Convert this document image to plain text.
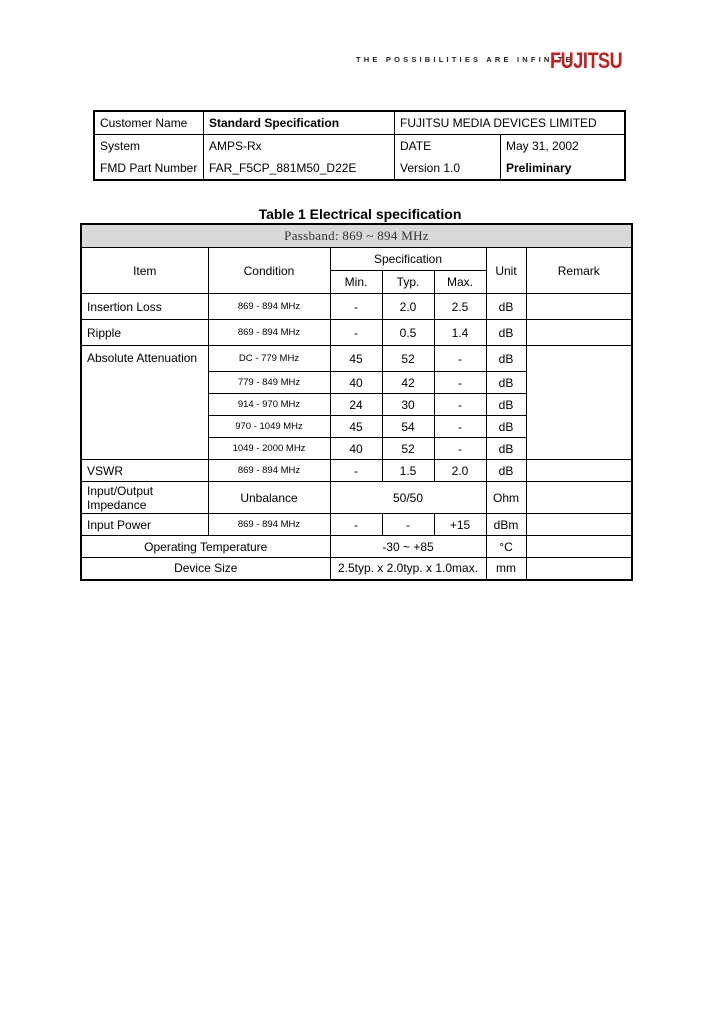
THE POSSIBILITIES ARE INFINITE
FUJITSU
Customer Name	Standard Specification	FUJITSU MEDIA DEVICES LIMITED	
System	AMPS-Rx	DATE	May 31, 2002
FMD Part Number	FAR_F5CP_881M50_D22E	Version 1.0	Preliminary
Table 1 Electrical specification
Passband: 869 ~ 894 MHz						
Item	Condition	Specification			Unit	Remark
		Min.	Typ.	Max.		
Insertion Loss	869 - 894 MHz	-	2.0	2.5	dB	
Ripple	869 - 894 MHz	-	0.5	1.4	dB	
Absolute Attenuation	DC - 779 MHz	45	52	-	dB	
	779 - 849 MHz	40	42	-	dB	
	914 - 970 MHz	24	30	-	dB	
	970 - 1049 MHz	45	54	-	dB	
	1049 - 2000 MHz	40	52	-	dB	
VSWR	869 - 894 MHz	-	1.5	2.0	dB	
Input/Output
Impedance	Unbalance	50/50			Ohm	
Input Power	869 - 894 MHz	-	-	+15	dBm	
Operating Temperature		-30 ~ +85			°C	
Device Size		2.5typ. x 2.0typ. x 1.0max.			mm	
